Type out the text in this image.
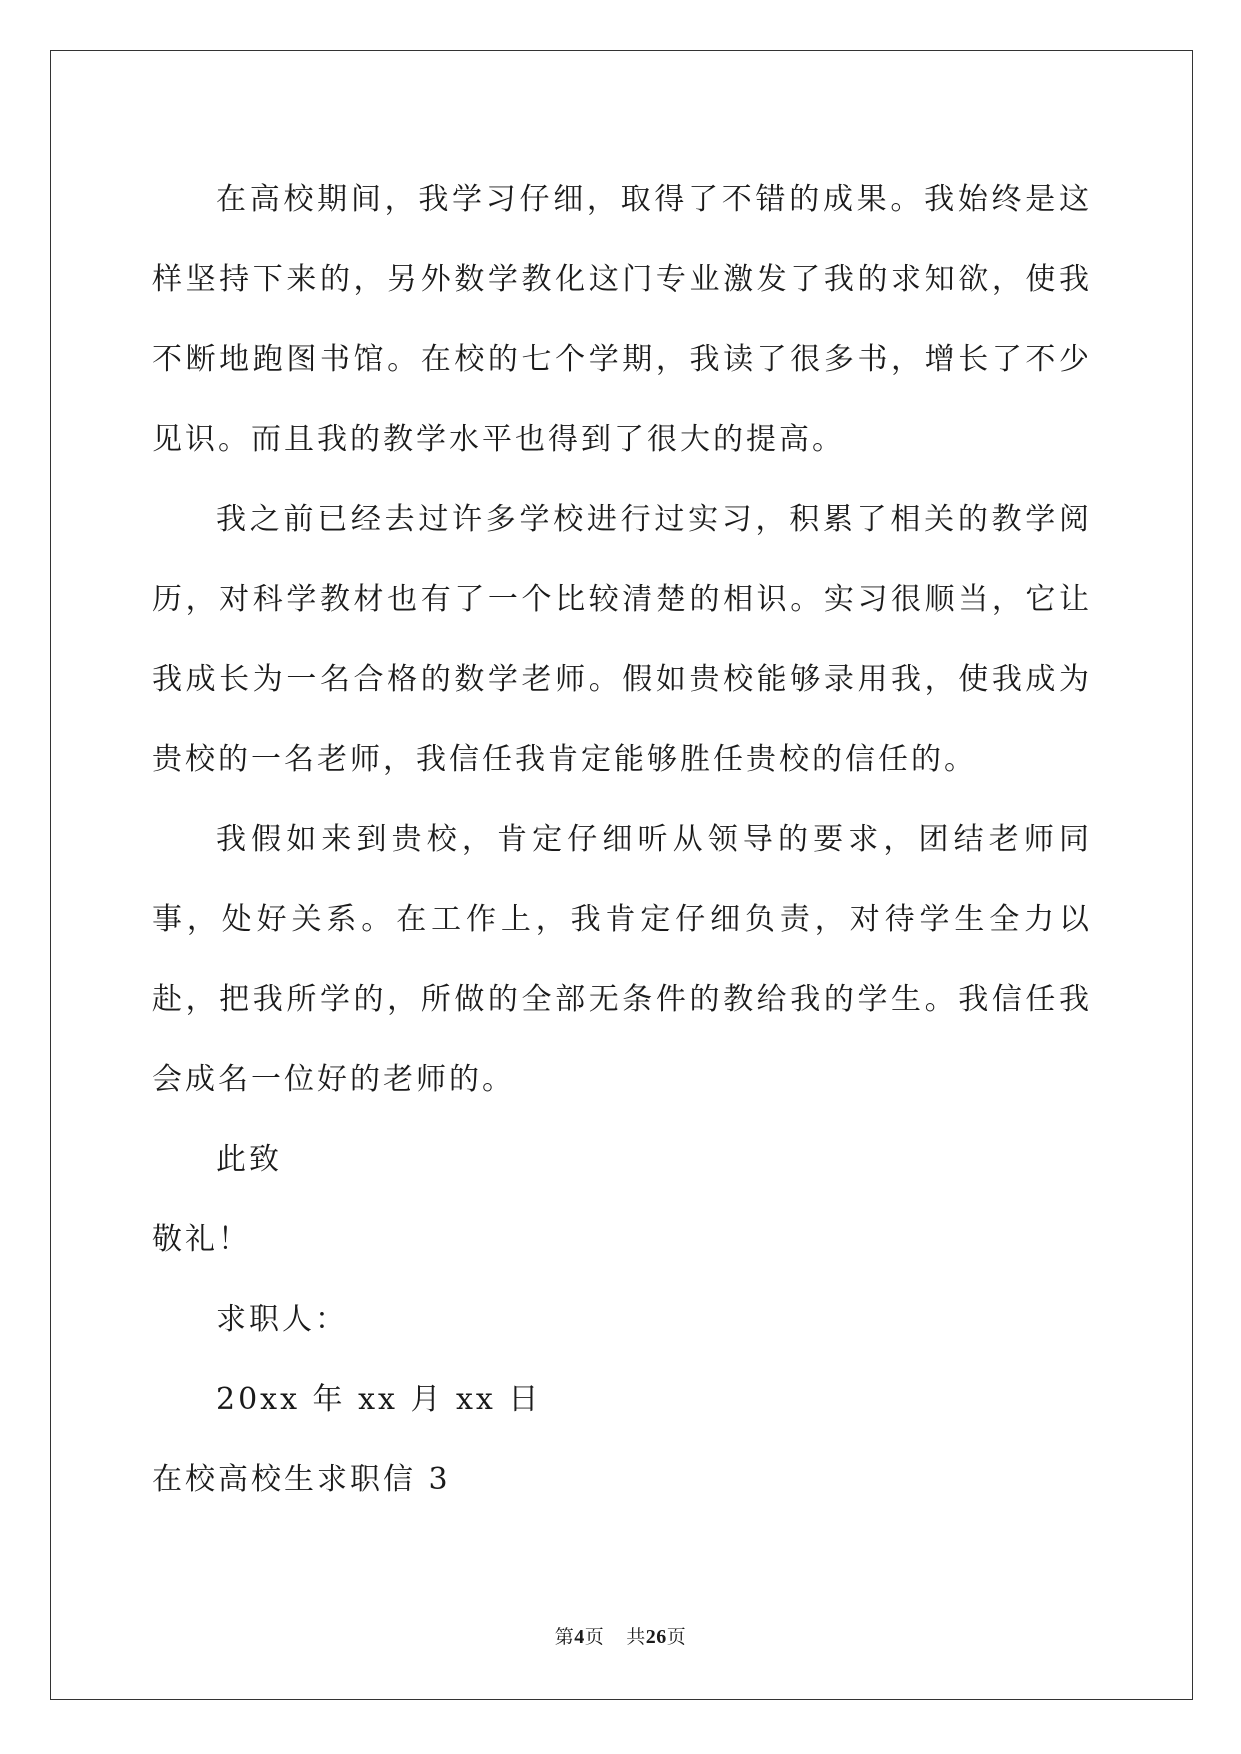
在高校期间，我学习仔细，取得了不错的成果。我始终是这样坚持下来的，另外数学教化这门专业激发了我的求知欲，使我不断地跑图书馆。在校的七个学期，我读了很多书，增长了不少见识。而且我的教学水平也得到了很大的提高。

我之前已经去过许多学校进行过实习，积累了相关的教学阅历，对科学教材也有了一个比较清楚的相识。实习很顺当，它让我成长为一名合格的数学老师。假如贵校能够录用我，使我成为贵校的一名老师，我信任我肯定能够胜任贵校的信任的。

我假如来到贵校，肯定仔细听从领导的要求，团结老师同事，处好关系。在工作上，我肯定仔细负责，对待学生全力以赴，把我所学的，所做的全部无条件的教给我的学生。我信任我会成名一位好的老师的。

此致

敬礼！

求职人：

20xx 年 xx 月 xx 日

在校高校生求职信 3

第4页 共26页
